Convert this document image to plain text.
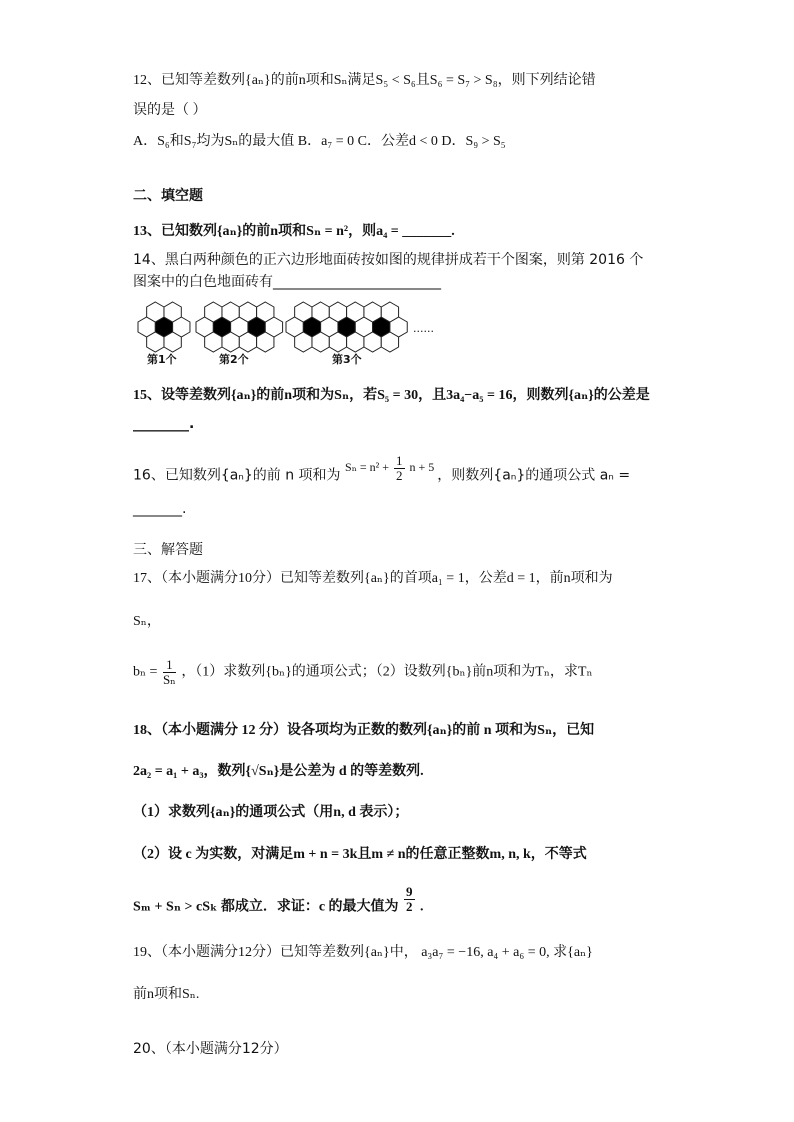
12、已知等差数列{aₙ}的前n项和Sₙ满足S₅ < S₆且S₆ = S₇ > S₈，则下列结论错
误的是（ ）
A．S₆和S₇均为Sₙ的最大值 B．a₇ = 0 C．公差d < 0 D．S₉ > S₅
二、填空题
13、已知数列{aₙ}的前n项和Sₙ = n²，则a₄ = _______.
14、黑白两种颜色的正六边形地面砖按如图的规律拼成若干个图案，则第 2016 个
图案中的白色地面砖有________________________
......
第1个	第2个	第3个
15、设等差数列{aₙ}的前n项和为Sₙ，若S₅ = 30，且3a₄−a₅ = 16，则数列{aₙ}的公差是
________.
16、已知数列{aₙ}的前 n 项和为 $S_n = n^2 + \frac{1}{2}$ n + 5 ，则数列{aₙ}的通项公式 aₙ =
_______.
三、解答题
17、（本小题满分10分）已知等差数列{aₙ}的首项a₁ = 1，公差d = 1，前n项和为
Sₙ，
$b_n = \frac{1}{\text{Sₙ}}$ ，（1）求数列{bₙ}的通项公式；（2）设数列{bₙ}前n项和为Tₙ，求Tₙ
18、（本小题满分 12 分）设各项均为正数的数列{aₙ}的前 n 项和为Sₙ，已知
2a₂ = a₁ + a₃，数列{√Sₙ}是公差为 d 的等差数列.
（1）求数列{aₙ}的通项公式（用n, d 表示）；
（2）设 c 为实数，对满足m + n = 3k且m ≠ n的任意正整数m, n, k，不等式
Sₘ + Sₙ > cSₖ 都成立．求证：c 的最大值为 $\frac{9}{2}$ .
19、（本小题满分12分）已知等差数列{aₙ}中， a₃a₇ = −16, a₄ + a₆ = 0, 求{aₙ}
前n项和Sₙ.
20、（本小题满分12分）
